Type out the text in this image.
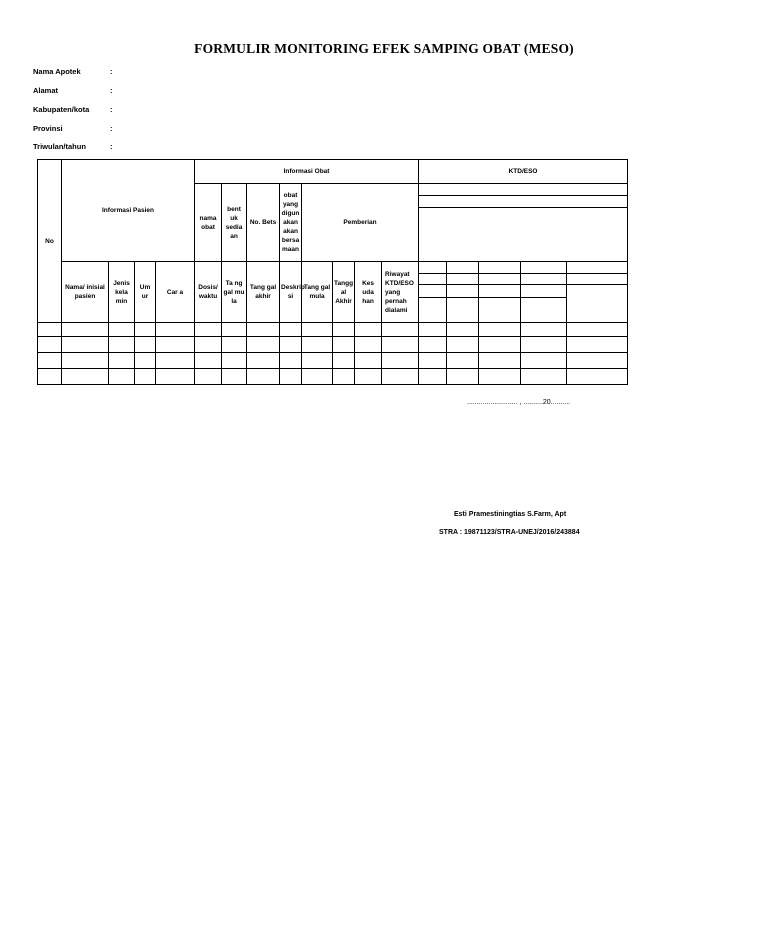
FORMULIR MONITORING EFEK SAMPING OBAT (MESO)
Nama Apotek	:
Alamat	:
Kabupaten/kota	:
Provinsi	:
Triwulan/tahun	:
No	Informasi Pasien				Informasi Obat								KTD/ESO	
					nama obat	bent uk sedia an	No. Bets	obat yang digun akan akan bersa maan	Pemberian									

	Nama/ inisial pasien	Jenis kela min	Um ur	Car a	Dosis/ waktu	Ta ng gal mu la	Tang gal akhir	Deskrip si	Tang gal mula	Tangg al Akhir	Kes uda han	Riwayat KTD/ESO yang pernah dialami						

.......................... , ..........20..........
Esti Pramestiningtias S.Farm, Apt
STRA : 19871123/STRA-UNEJ/2016/243884
